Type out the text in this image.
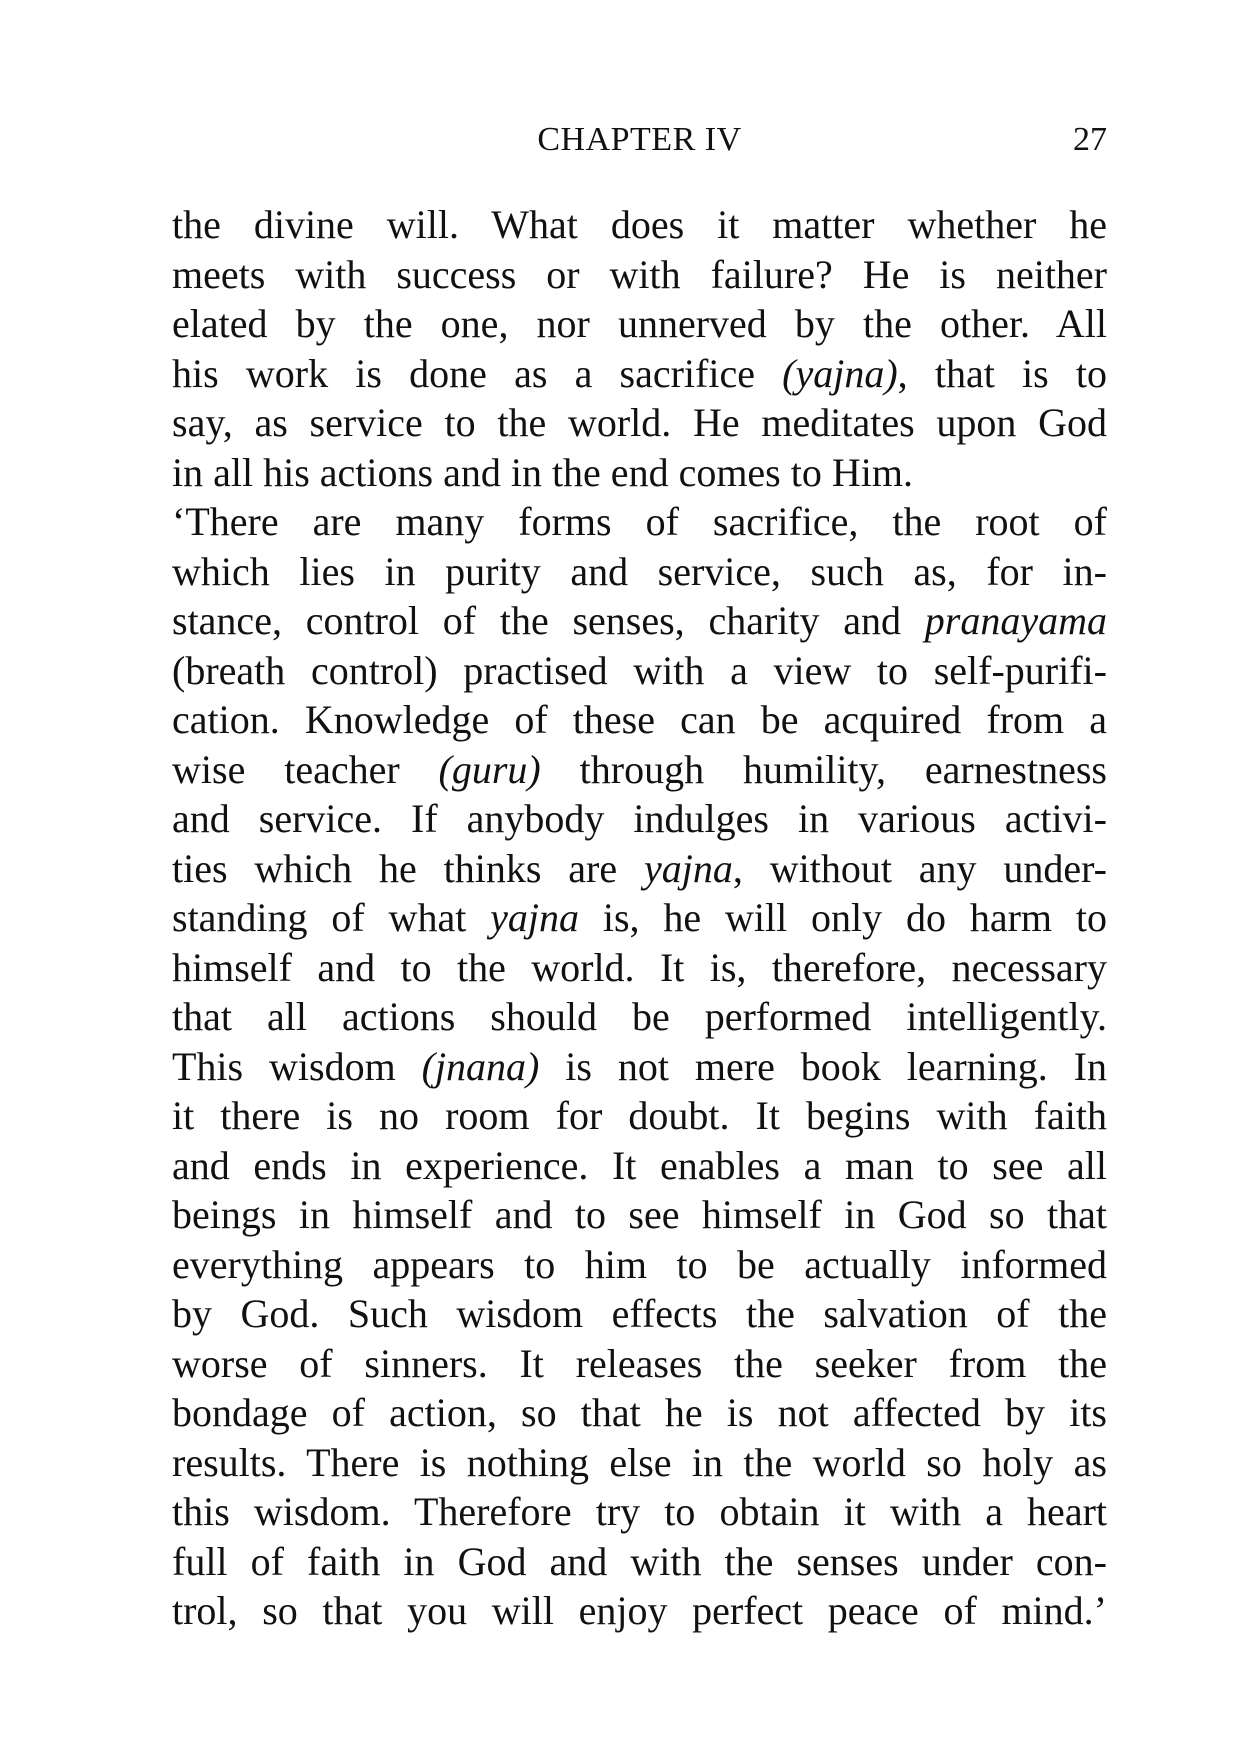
CHAPTER IV	27
the divine will. What does it matter whether he
meets with success or with failure? He is neither
elated by the one, nor unnerved by the other. All
his work is done as a sacrifice (yajna), that is to
say, as service to the world. He meditates upon God
in all his actions and in the end comes to Him.
‘There are many forms of sacrifice, the root of
which lies in purity and service, such as, for in-
stance, control of the senses, charity and pranayama
(breath control) practised with a view to self-purifi-
cation. Knowledge of these can be acquired from a
wise teacher (guru) through humility, earnestness
and service. If anybody indulges in various activi-
ties which he thinks are yajna, without any under-
standing of what yajna is, he will only do harm to
himself and to the world. It is, therefore, necessary
that all actions should be performed intelligently.
This wisdom (jnana) is not mere book learning. In
it there is no room for doubt. It begins with faith
and ends in experience. It enables a man to see all
beings in himself and to see himself in God so that
everything appears to him to be actually informed
by God. Such wisdom effects the salvation of the
worse of sinners. It releases the seeker from the
bondage of action, so that he is not affected by its
results. There is nothing else in the world so holy as
this wisdom. Therefore try to obtain it with a heart
full of faith in God and with the senses under con-
trol, so that you will enjoy perfect peace of mind.’
